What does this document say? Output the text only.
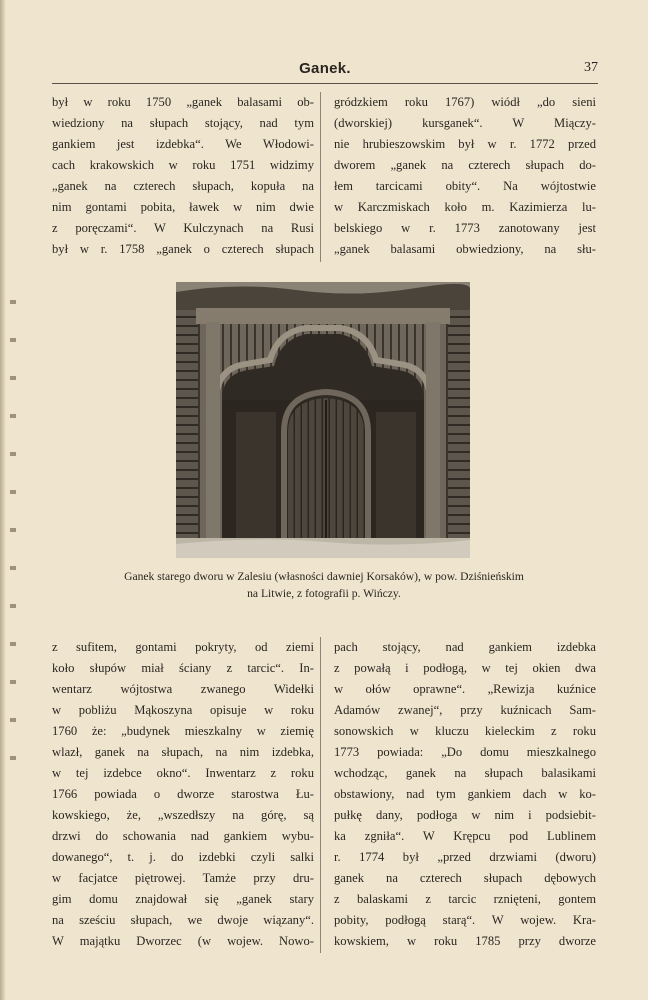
Ganek.	37
był w roku 1750 „ganek balasami ob-
wiedziony na słupach stojący, nad tym
gankiem jest izdebka“. We Włodowi-
cach krakowskich w roku 1751 widzimy
„ganek na czterech słupach, kopuła na
nim gontami pobita, ławek w nim dwie
z poręczami“. W Kulczynach na Rusi
był w r. 1758 „ganek o czterech słupach
gródzkiem roku 1767) wiódł „do sieni
(dworskiej) kursganek“. W Miączy-
nie hrubieszowskim był w r. 1772 przed
dworem „ganek na czterech słupach do-
łem tarcicami obity“. Na wójtostwie
w Karczmiskach koło m. Kazimierza lu-
belskiego w r. 1773 zanotowany jest
„ganek balasami obwiedziony, na słu-
Ganek starego dworu w Zalesiu (własności dawniej Korsaków), w pow. Dziśnieńskim
na Litwie, z fotografii p. Wińczy.
z sufitem, gontami pokryty, od ziemi
koło słupów miał ściany z tarcic“. In-
wentarz wójtostwa zwanego Widełki
w pobliżu Mąkoszyna opisuje w roku
1760 że: „budynek mieszkalny w ziemię
wlazł, ganek na słupach, na nim izdebka,
w tej izdebce okno“. Inwentarz z roku
1766 powiada o dworze starostwa Łu-
kowskiego, że, „wszedłszy na górę, są
drzwi do schowania nad gankiem wybu-
dowanego“, t. j. do izdebki czyli salki
w facjatce piętrowej. Tamże przy dru-
gim domu znajdował się „ganek stary
na sześciu słupach, we dwoje wiązany“.
W majątku Dworzec (w wojew. Nowo-
pach stojący, nad gankiem izdebka
z powałą i podłogą, w tej okien dwa
w ołów oprawne“. „Rewizja kuźnice
Adamów zwanej“, przy kuźnicach Sam-
sonowskich w kluczu kieleckim z roku
1773 powiada: „Do domu mieszkalnego
wchodząc, ganek na słupach balasikami
obstawiony, nad tym gankiem dach w ko-
pułkę dany, podłoga w nim i podsiebit-
ka zgniła“. W Krępcu pod Lublinem
r. 1774 był „przed drzwiami (dworu)
ganek na czterech słupach dębowych
z balaskami z tarcic rznięteni, gontem
pobity, podłogą starą“. W wojew. Kra-
kowskiem, w roku 1785 przy dworze
